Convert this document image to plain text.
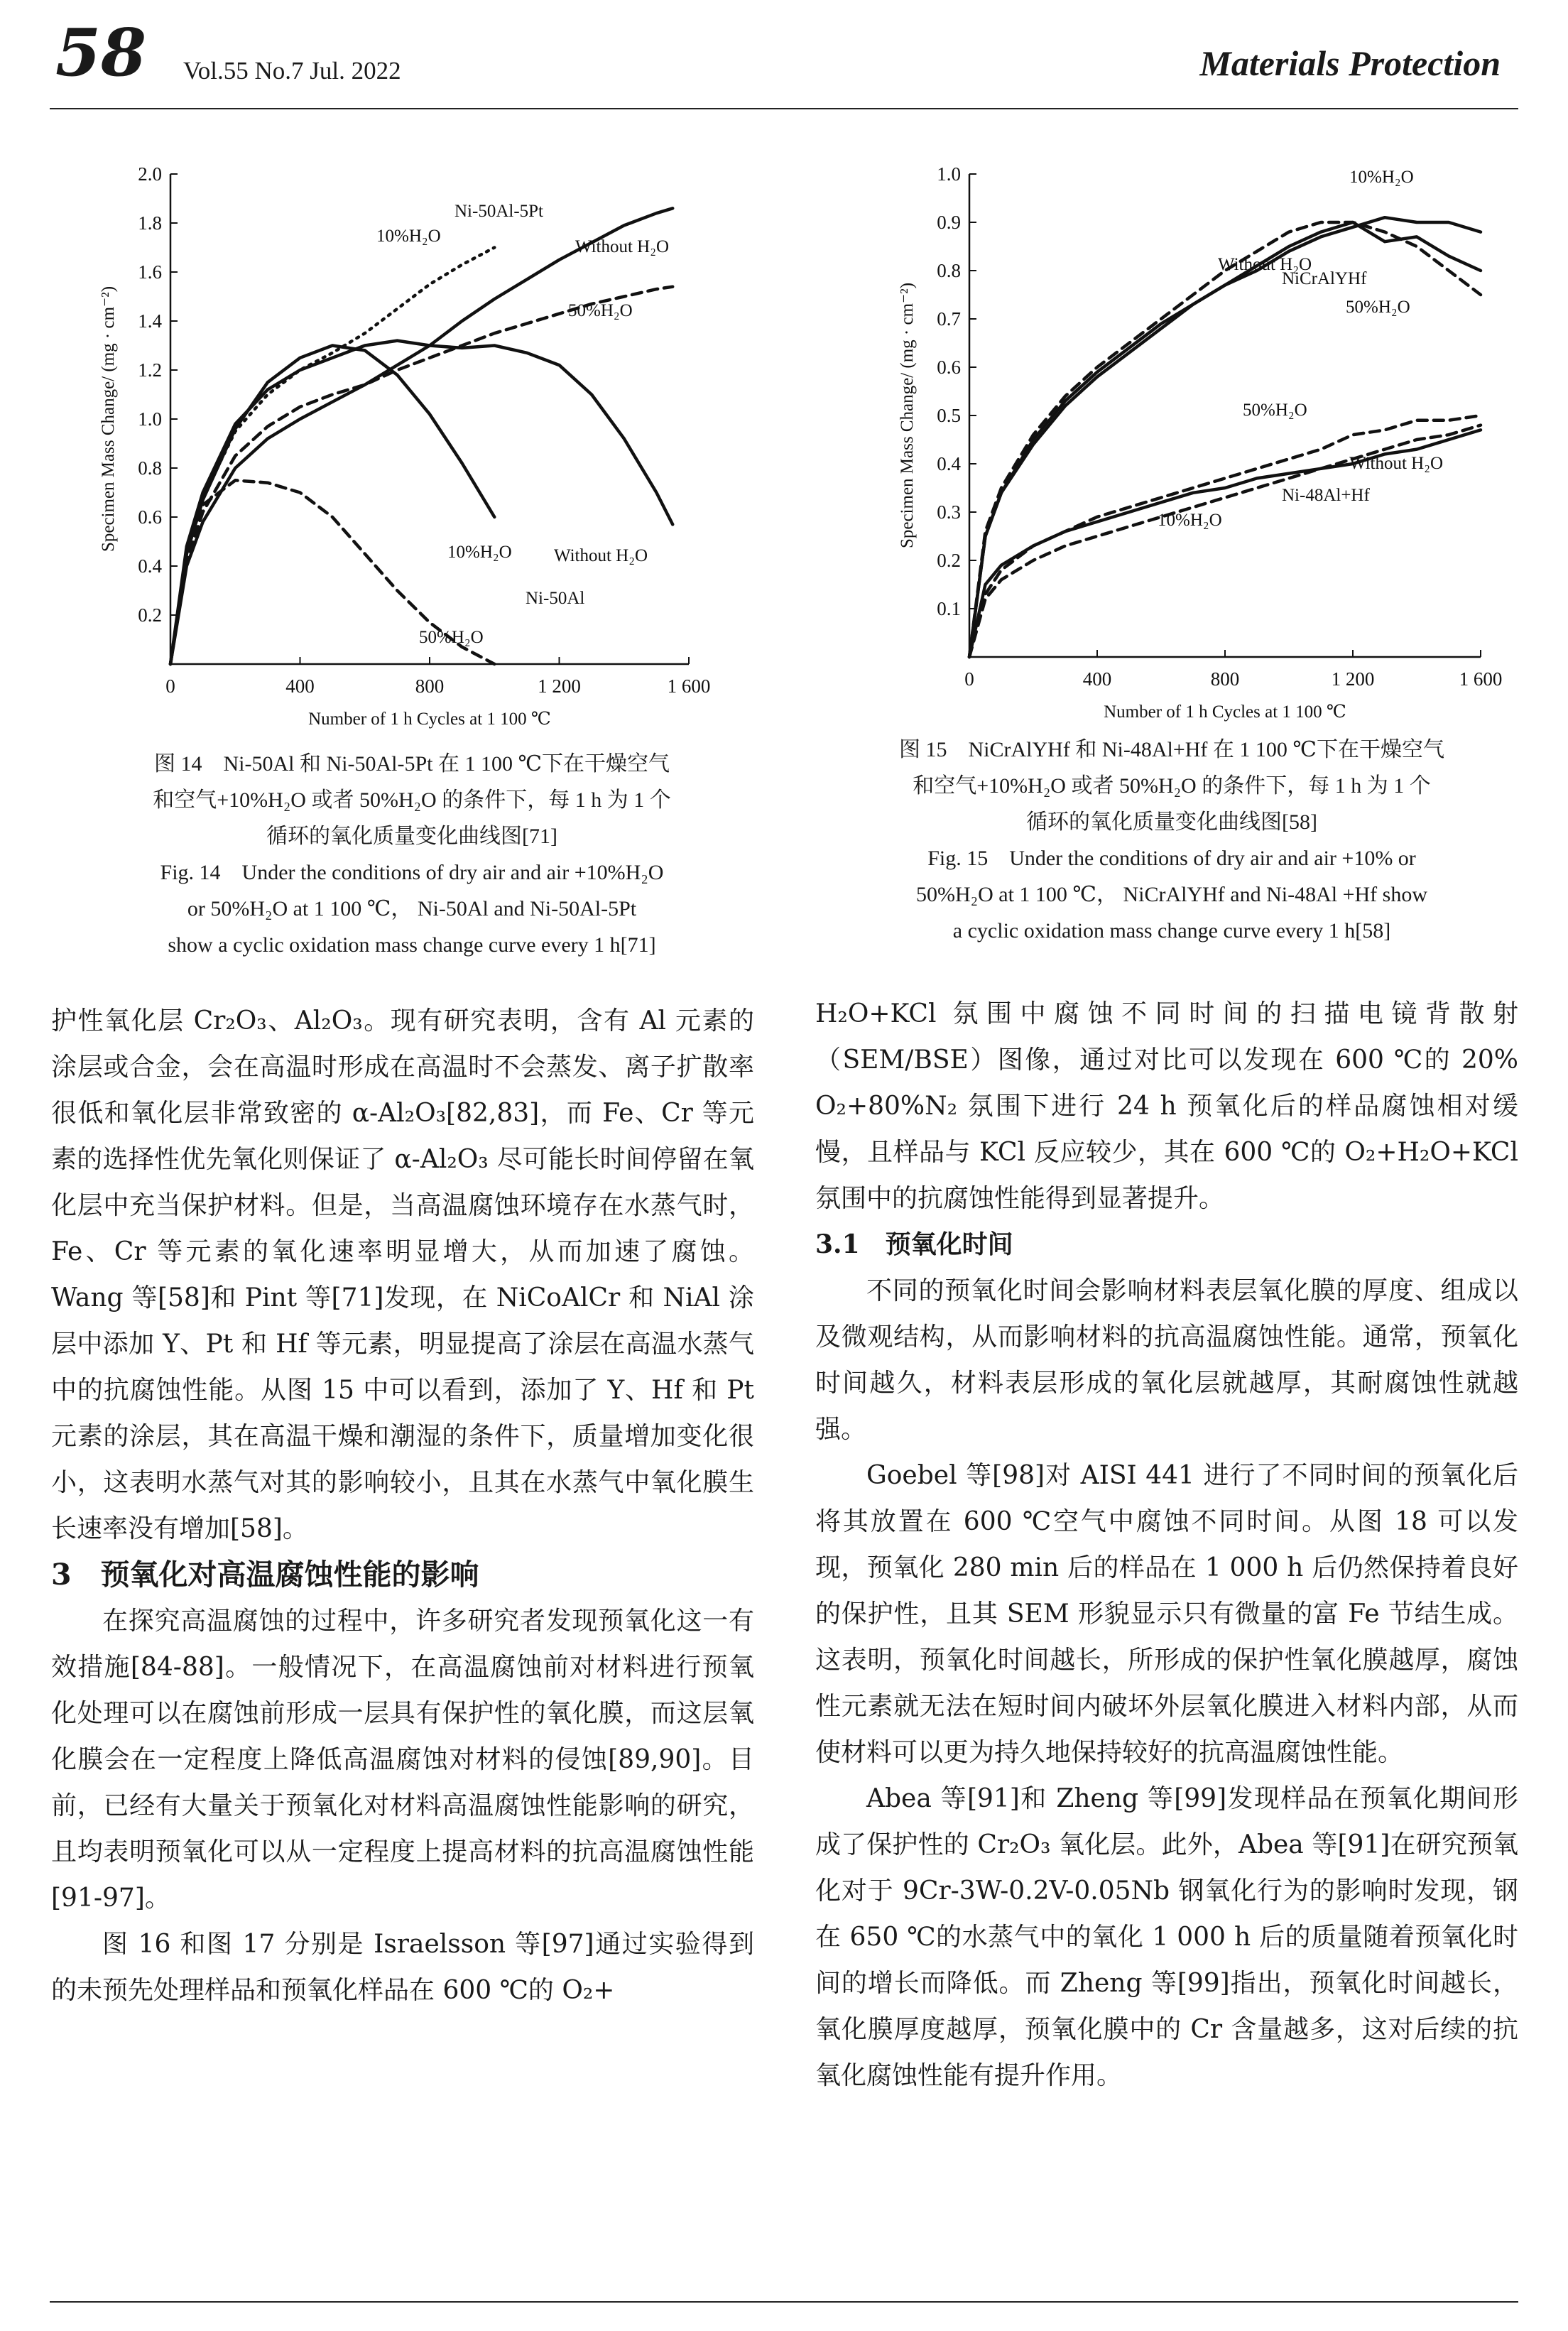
58 Vol.55 No.7 Jul. 2022	Materials Protection
0.2
0.4
0.6
0.8
1.0
1.2
1.4
1.6
1.8
2.0
0	400	800	1 200	1 600
Number of 1 h Cycles at 1 100 ℃
Specimen Mass Change/ (mg · cm⁻²)
Ni-50Al-5Pt
10%H₂O
Without H₂O
50%H₂O
10%H₂O Without H₂O
Ni-50Al
50%H₂O
0.1
0.2
0.3
0.4
0.5
0.6
0.7
0.8
0.9
1.0
0	400	800	1 200	1 600
Number of 1 h Cycles at 1 100 ℃
Specimen Mass Change/ (mg · cm⁻²)
10%H₂O
Without H₂O
NiCrAlYHf
50%H₂O
50%H₂O
Without H₂O
Ni-48Al+Hf
10%H₂O
图 14　Ni-50Al 和 Ni-50Al-5Pt 在 1 100 ℃下在干燥空气
和空气+10%H₂O 或者 50%H₂O 的条件下，每 1 h 为 1 个
循环的氧化质量变化曲线图[71]
Fig. 14　Under the conditions of dry air and air +10%H₂O
or 50%H₂O at 1 100 ℃， Ni-50Al and Ni-50Al-5Pt
show a cyclic oxidation mass change curve every 1 h[71]
图 15　NiCrAlYHf 和 Ni-48Al+Hf 在 1 100 ℃下在干燥空气
和空气+10%H₂O 或者 50%H₂O 的条件下，每 1 h 为 1 个
循环的氧化质量变化曲线图[58]
Fig. 15　Under the conditions of dry air and air +10% or
50%H₂O at 1 100 ℃， NiCrAlYHf and Ni-48Al +Hf show
a cyclic oxidation mass change curve every 1 h[58]

护性氧化层 Cr₂O₃、Al₂O₃。现有研究表明，含有 Al 元素的涂层或合金，会在高温时形成在高温时不会蒸发、离子扩散率很低和氧化层非常致密的 α-Al₂O₃[82,83]，而 Fe、Cr 等元素的选择性优先氧化则保证了 α-Al₂O₃ 尽可能长时间停留在氧化层中充当保护材料。但是，当高温腐蚀环境存在水蒸气时，Fe、Cr 等元素的氧化速率明显增大，从而加速了腐蚀。Wang 等[58]和 Pint 等[71]发现，在 NiCoAlCr 和 NiAl 涂层中添加 Y、Pt 和 Hf 等元素，明显提高了涂层在高温水蒸气中的抗腐蚀性能。从图 15 中可以看到，添加了 Y、Hf 和 Pt 元素的涂层，其在高温干燥和潮湿的条件下，质量增加变化很小，这表明水蒸气对其的影响较小，且其在水蒸气中氧化膜生长速率没有增加[58]。

3　预氧化对高温腐蚀性能的影响

在探究高温腐蚀的过程中，许多研究者发现预氧化这一有效措施[84-88]。一般情况下，在高温腐蚀前对材料进行预氧化处理可以在腐蚀前形成一层具有保护性的氧化膜，而这层氧化膜会在一定程度上降低高温腐蚀对材料的侵蚀[89,90]。目前，已经有大量关于预氧化对材料高温腐蚀性能影响的研究，且均表明预氧化可以从一定程度上提高材料的抗高温腐蚀性能[91-97]。

图 16 和图 17 分别是 Israelsson 等[97]通过实验得到的未预先处理样品和预氧化样品在 600 ℃的 O₂+

H₂O+KCl 氛围中腐蚀不同时间的扫描电镜背散射（SEM/BSE）图像，通过对比可以发现在 600 ℃的 20% O₂+80%N₂ 氛围下进行 24 h 预氧化后的样品腐蚀相对缓慢，且样品与 KCl 反应较少，其在 600 ℃的 O₂+H₂O+KCl 氛围中的抗腐蚀性能得到显著提升。

3.1　预氧化时间

不同的预氧化时间会影响材料表层氧化膜的厚度、组成以及微观结构，从而影响材料的抗高温腐蚀性能。通常，预氧化时间越久，材料表层形成的氧化层就越厚，其耐腐蚀性就越强。

Goebel 等[98]对 AISI 441 进行了不同时间的预氧化后将其放置在 600 ℃空气中腐蚀不同时间。从图 18 可以发现，预氧化 280 min 后的样品在 1 000 h 后仍然保持着良好的保护性，且其 SEM 形貌显示只有微量的富 Fe 节结生成。这表明，预氧化时间越长，所形成的保护性氧化膜越厚，腐蚀性元素就无法在短时间内破坏外层氧化膜进入材料内部，从而使材料可以更为持久地保持较好的抗高温腐蚀性能。

Abea 等[91]和 Zheng 等[99]发现样品在预氧化期间形成了保护性的 Cr₂O₃ 氧化层。此外，Abea 等[91]在研究预氧化对于 9Cr-3W-0.2V-0.05Nb 钢氧化行为的影响时发现，钢在 650 ℃的水蒸气中的氧化 1 000 h 后的质量随着预氧化时间的增长而降低。而 Zheng 等[99]指出，预氧化时间越长，氧化膜厚度越厚，预氧化膜中的 Cr 含量越多，这对后续的抗氧化腐蚀性能有提升作用。
